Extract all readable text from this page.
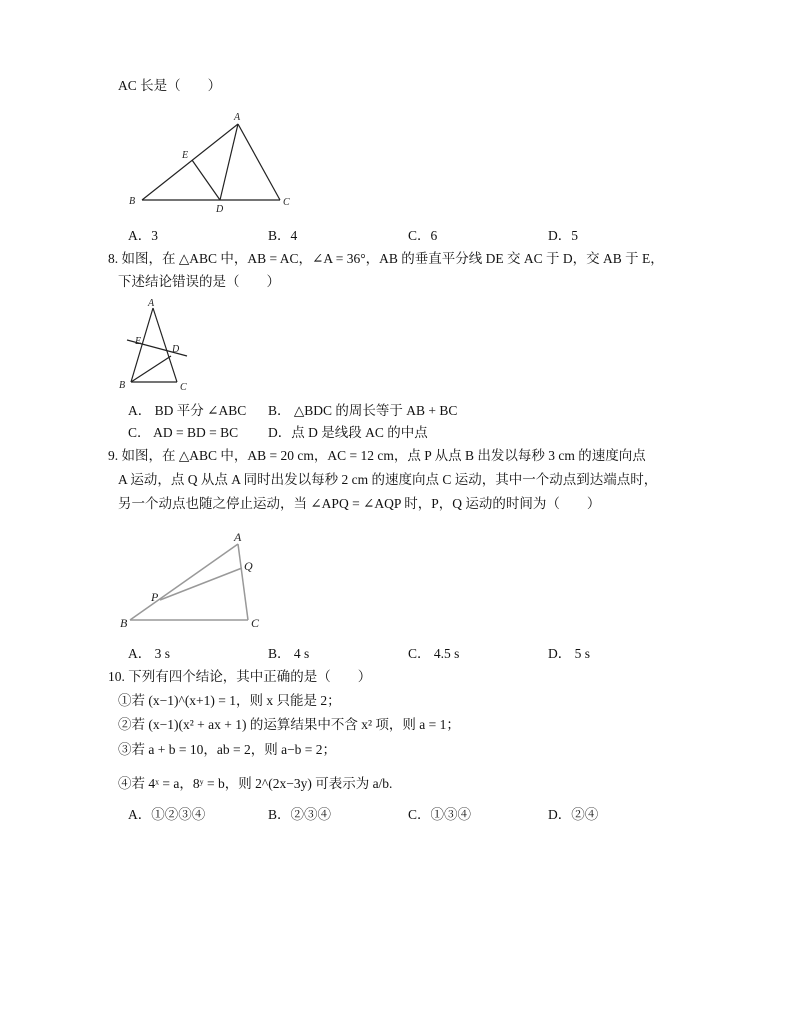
AC 长是（　　）
A
B	C
D
E
A．3	B．4	C．6	D．5
8. 如图，在 △ABC 中，AB = AC，∠A = 36°，AB 的垂直平分线 DE 交 AC 于 D，交 AB 于 E，
下述结论错误的是（　　）
A
B	C
D
E
A． BD 平分 ∠ABC B． △BDC 的周长等于 AB + BC
C． AD = BD = BC D．点 D 是线段 AC 的中点
9. 如图，在 △ABC 中，AB = 20 cm，AC = 12 cm，点 P 从点 B 出发以每秒 3 cm 的速度向点
A 运动，点 Q 从点 A 同时出发以每秒 2 cm 的速度向点 C 运动，其中一个动点到达端点时，
另一个动点也随之停止运动，当 ∠APQ = ∠AQP 时，P，Q 运动的时间为（　　）
A
B	C
P
Q
A． 3 s	B． 4 s	C． 4.5 s	D． 5 s
10. 下列有四个结论，其中正确的是（　　）
①若 (x−1)^(x+1) = 1，则 x 只能是 2；
②若 (x−1)(x² + ax + 1) 的运算结果中不含 x² 项，则 a = 1；
③若 a + b = 10，ab = 2，则 a−b = 2；
④若 4ˣ = a，8ʸ = b，则 2^(2x−3y) 可表示为 a/b.
A．①②③④	B．②③④	C．①③④	D．②④
